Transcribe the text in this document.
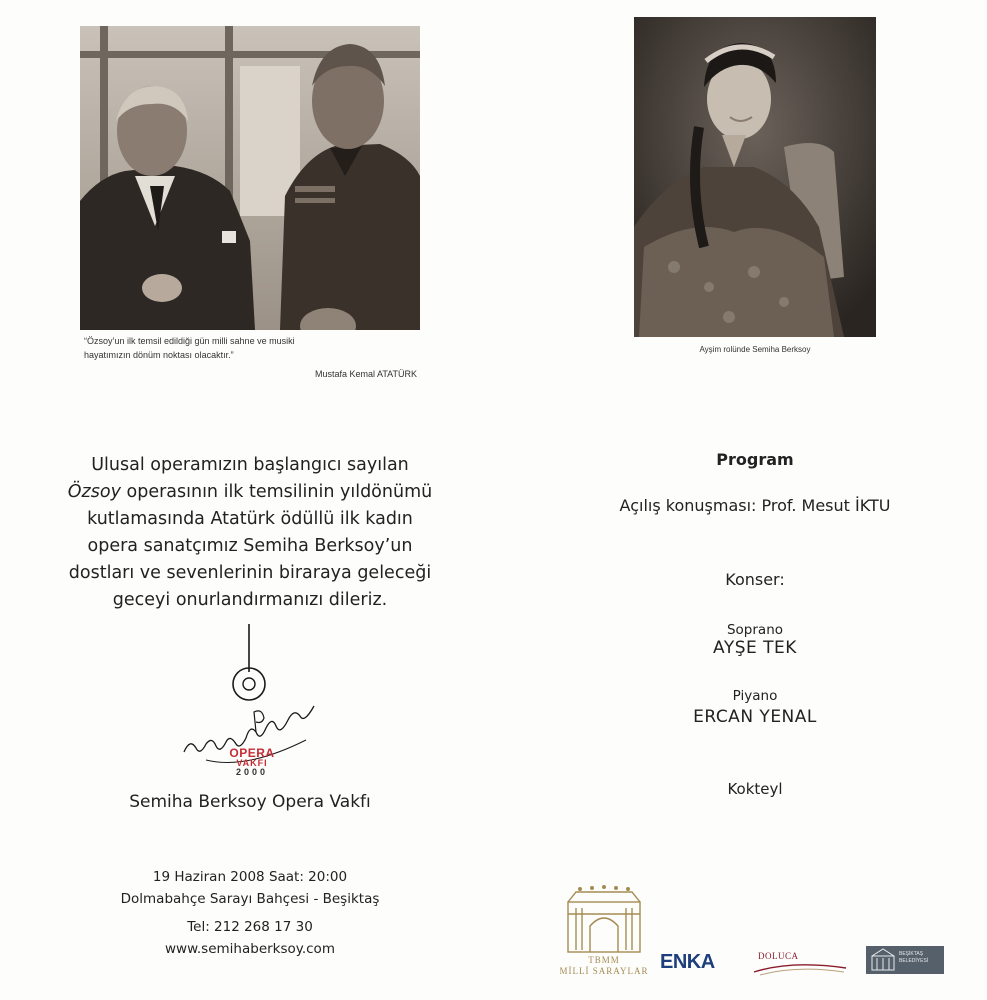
“Özsoy’un ilk temsil edildiği gün milli sahne ve musiki
hayatımızın dönüm noktası olacaktır.”
Mustafa Kemal ATATÜRK
Ayşim rolünde Semiha Berksoy
Ulusal operamızın başlangıcı sayılan
Özsoy operasının ilk temsilinin yıldönümü
kutlamasında Atatürk ödüllü ilk kadın
opera sanatçımız Semiha Berksoy’un
dostları ve sevenlerinin biraraya geleceği
geceyi onurlandırmanızı dileriz.
OPERA
VAKFI
2000
Semiha Berksoy Opera Vakfı
19 Haziran 2008 Saat: 20:00
Dolmabahçe Sarayı Bahçesi - Beşiktaş
Tel: 212 268 17 30
www.semihaberksoy.com
Program
Açılış konuşması: Prof. Mesut İKTU
Konser:
Soprano
AYŞE TEK
Piyano
ERCAN YENAL
Kokteyl
TBMM
MİLLİ SARAYLAR ENKA	DOLUCA	BEŞİKTAŞ
BELEDİYESİ
